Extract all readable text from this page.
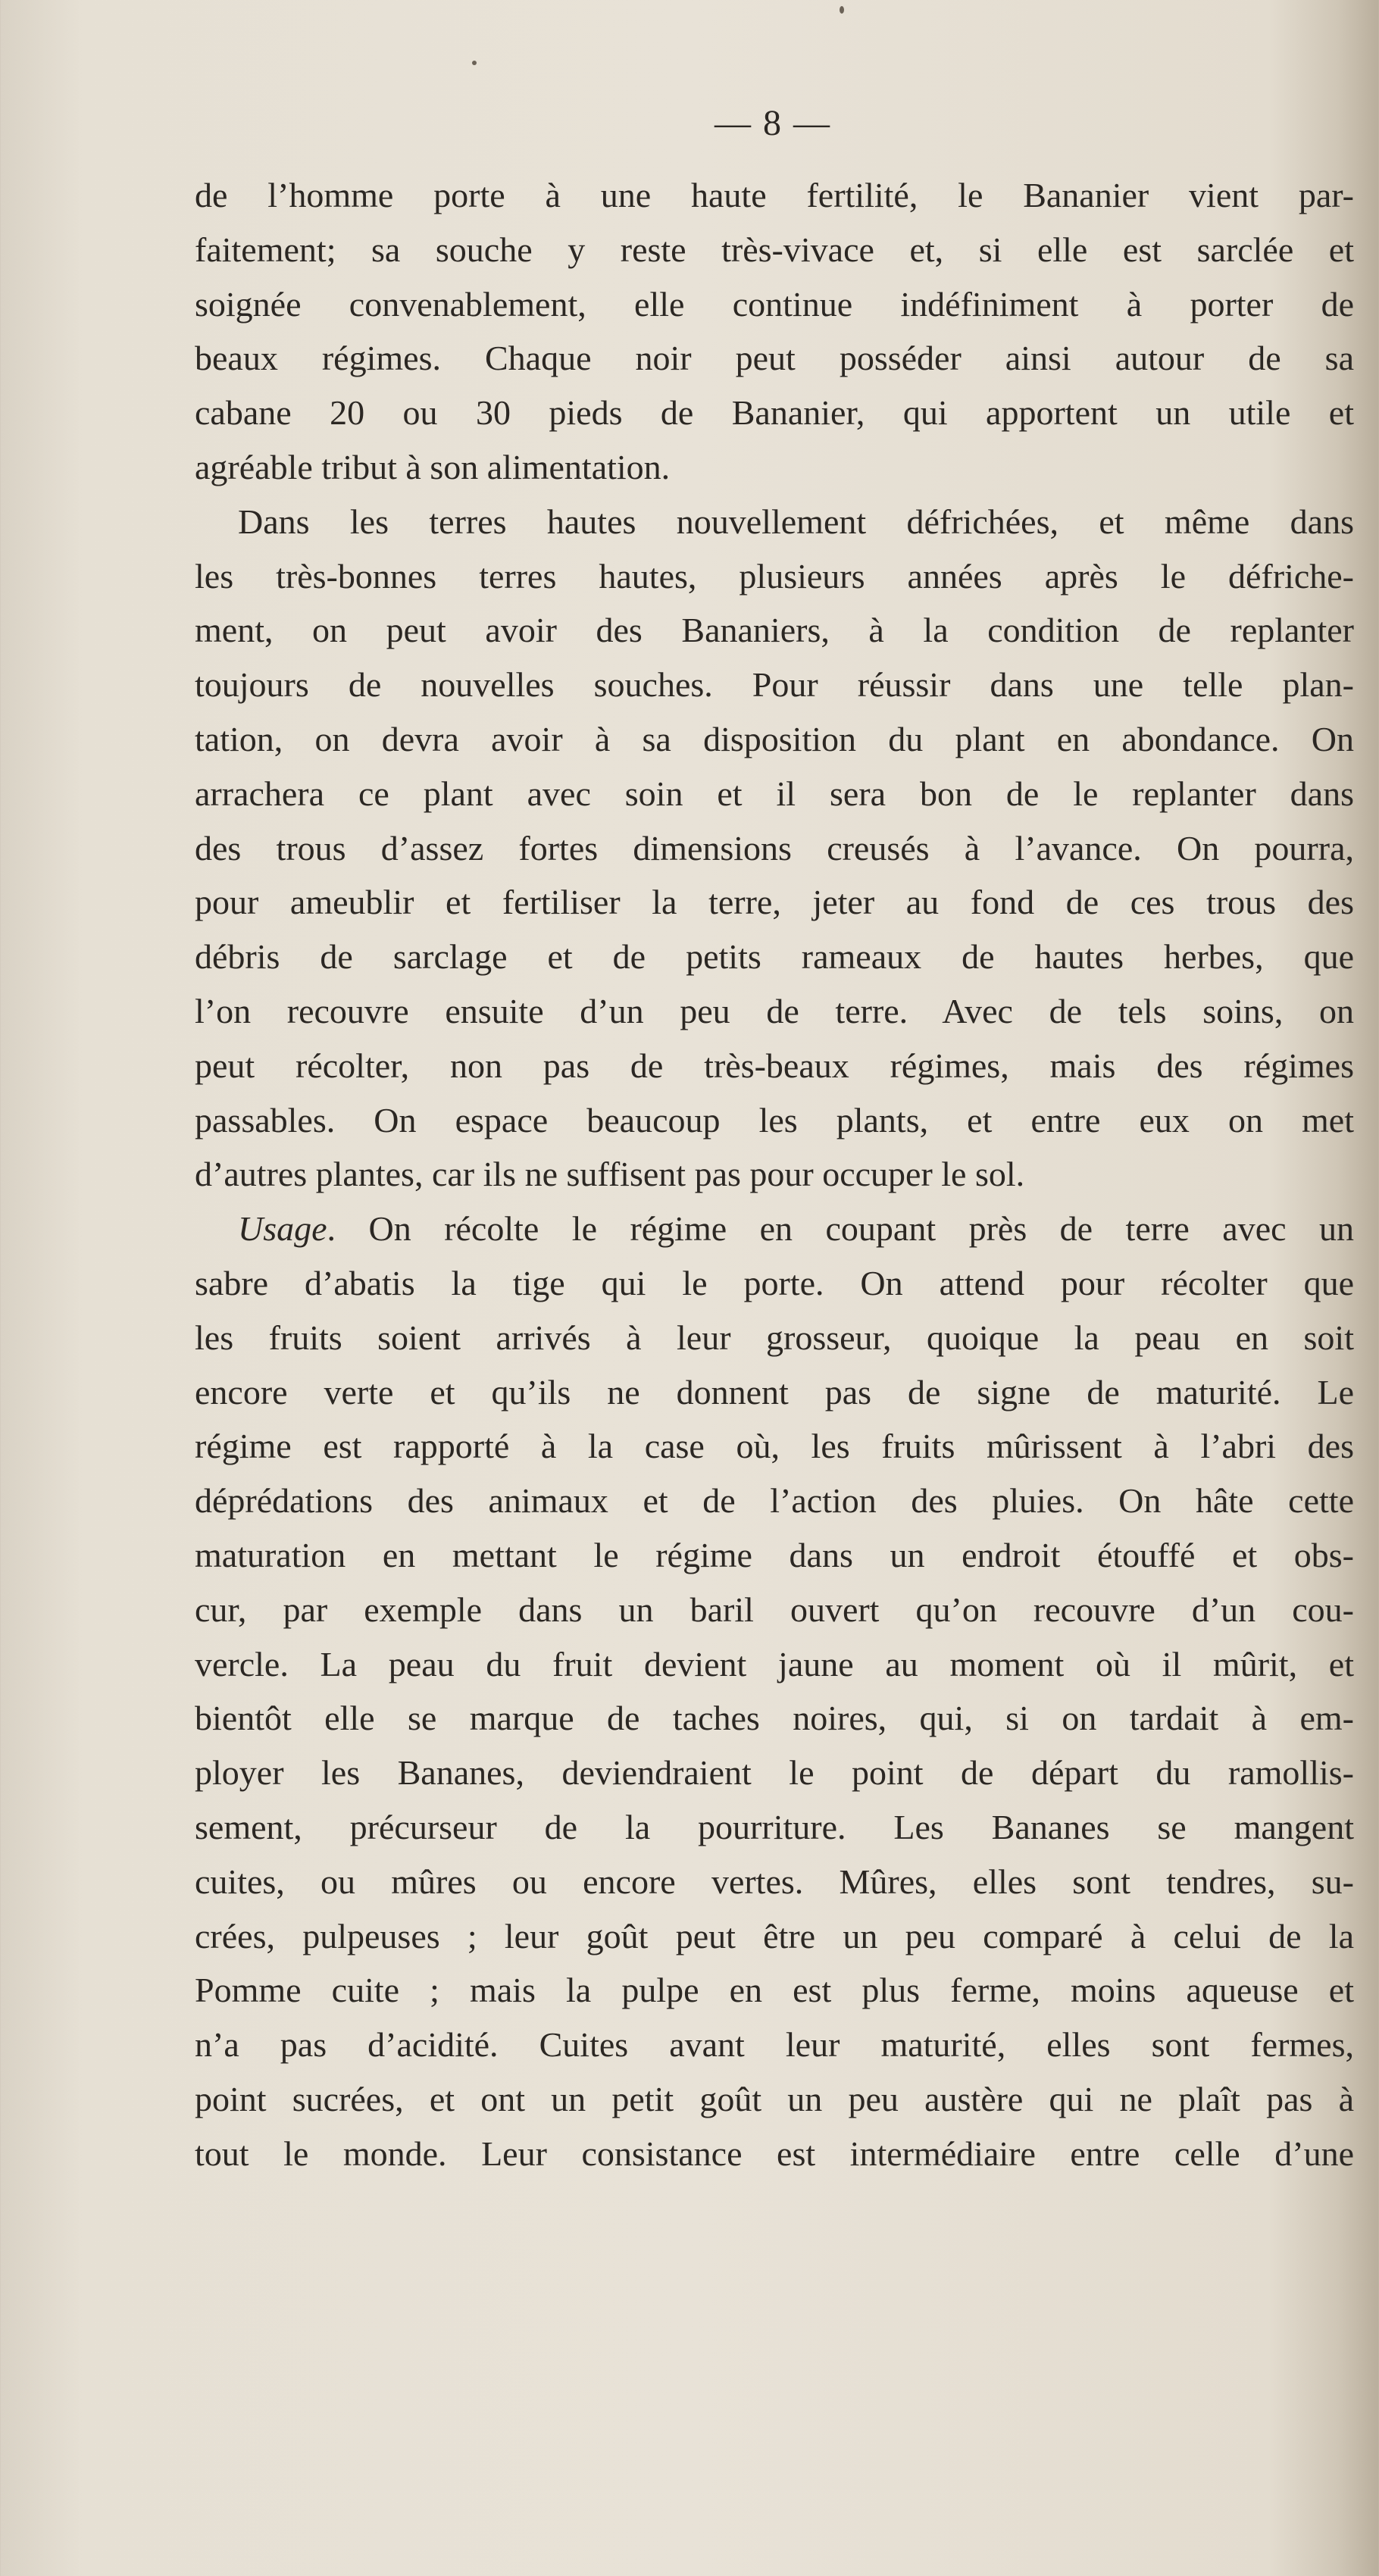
— 8 —
de l’homme porte à une haute fertilité, le Bananier vient par-
faitement; sa souche y reste très-vivace et, si elle est sarclée et
soignée convenablement, elle continue indéfiniment à porter de
beaux régimes. Chaque noir peut posséder ainsi autour de sa
cabane 20 ou 30 pieds de Bananier, qui apportent un utile et
agréable tribut à son alimentation.
Dans les terres hautes nouvellement défrichées, et même dans
les très-bonnes terres hautes, plusieurs années après le défriche-
ment, on peut avoir des Bananiers, à la condition de replanter
toujours de nouvelles souches. Pour réussir dans une telle plan-
tation, on devra avoir à sa disposition du plant en abondance. On
arrachera ce plant avec soin et il sera bon de le replanter dans
des trous d’assez fortes dimensions creusés à l’avance. On pourra,
pour ameublir et fertiliser la terre, jeter au fond de ces trous des
débris de sarclage et de petits rameaux de hautes herbes, que
l’on recouvre ensuite d’un peu de terre. Avec de tels soins, on
peut récolter, non pas de très-beaux régimes, mais des régimes
passables. On espace beaucoup les plants, et entre eux on met
d’autres plantes, car ils ne suffisent pas pour occuper le sol.
Usage. On récolte le régime en coupant près de terre avec un
sabre d’abatis la tige qui le porte. On attend pour récolter que
les fruits soient arrivés à leur grosseur, quoique la peau en soit
encore verte et qu’ils ne donnent pas de signe de maturité. Le
régime est rapporté à la case où, les fruits mûrissent à l’abri des
déprédations des animaux et de l’action des pluies. On hâte cette
maturation en mettant le régime dans un endroit étouffé et obs-
cur, par exemple dans un baril ouvert qu’on recouvre d’un cou-
vercle. La peau du fruit devient jaune au moment où il mûrit, et
bientôt elle se marque de taches noires, qui, si on tardait à em-
ployer les Bananes, deviendraient le point de départ du ramollis-
sement, précurseur de la pourriture. Les Bananes se mangent
cuites, ou mûres ou encore vertes. Mûres, elles sont tendres, su-
crées, pulpeuses ; leur goût peut être un peu comparé à celui de la
Pomme cuite ; mais la pulpe en est plus ferme, moins aqueuse et
n’a pas d’acidité. Cuites avant leur maturité, elles sont fermes,
point sucrées, et ont un petit goût un peu austère qui ne plaît pas à
tout le monde. Leur consistance est intermédiaire entre celle d’une
